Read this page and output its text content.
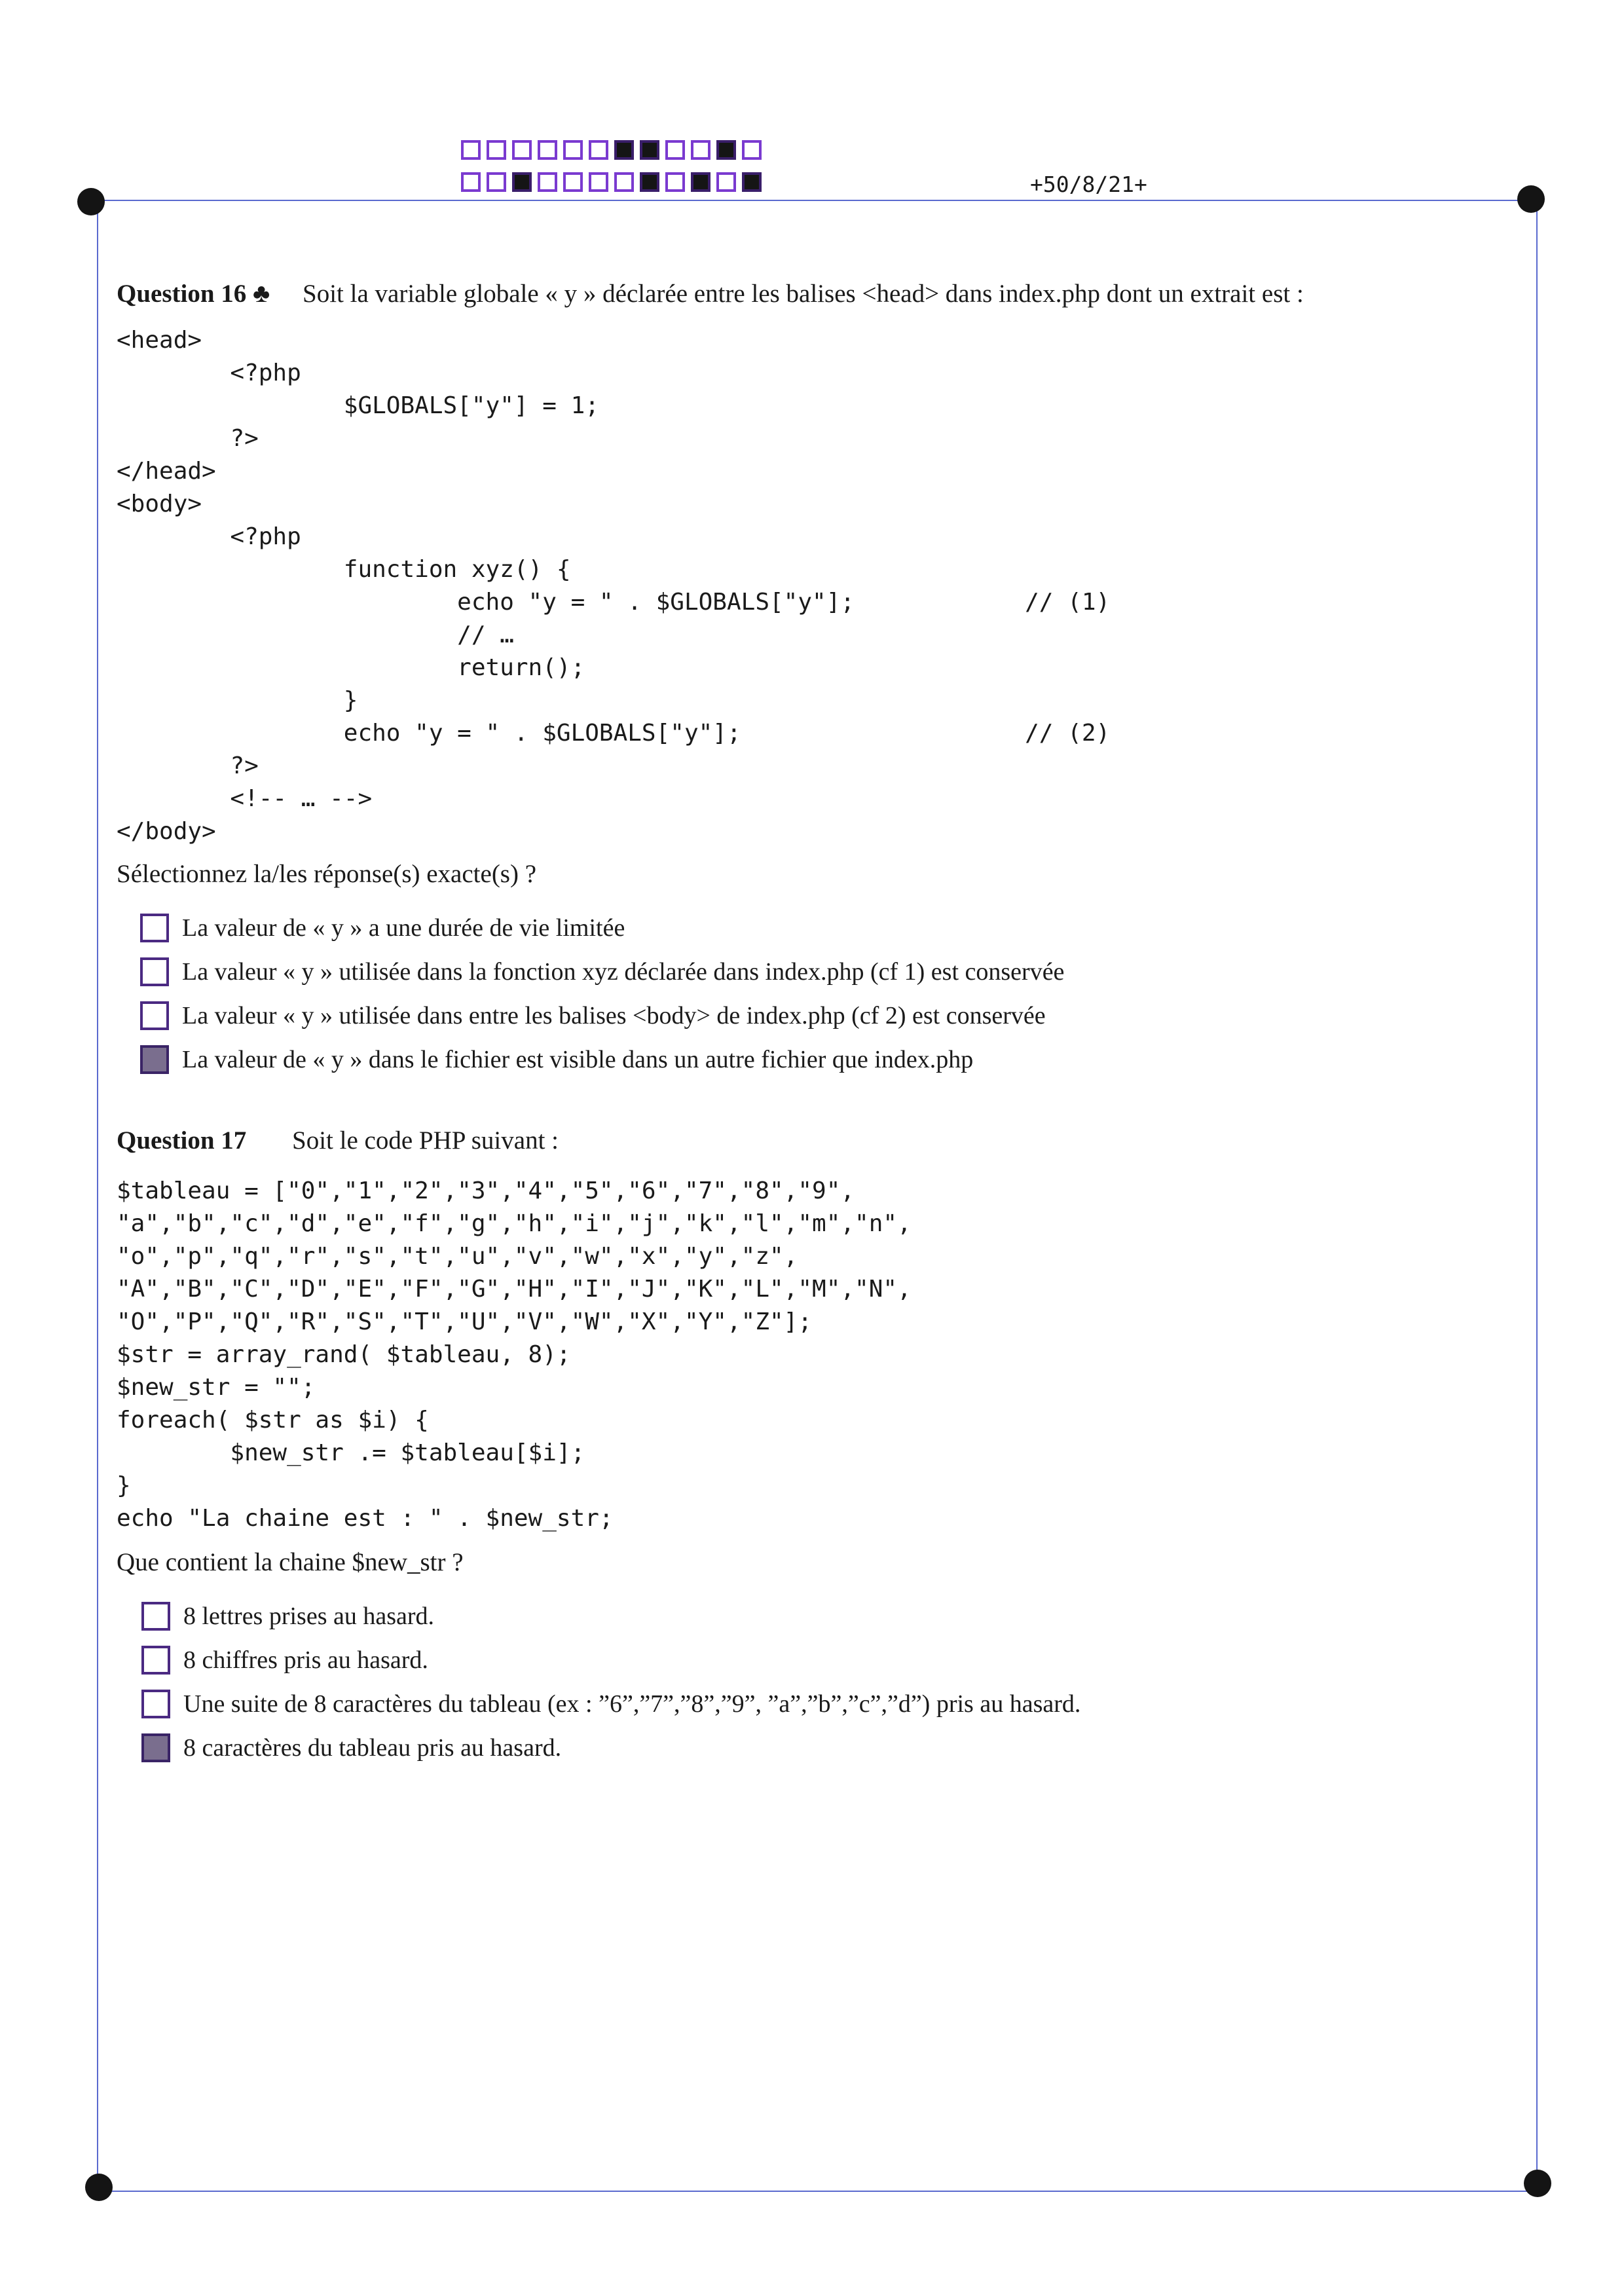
+50/8/21+
Question 16 ♣ Soit la variable globale « y » déclarée entre les balises <head> dans index.php dont un extrait est :
<head>
	<?php
		$GLOBALS["y"] = 1;
	?>
</head>
<body>
	<?php
		function xyz() {
			echo "y = " . $GLOBALS["y"];		// (1)
			// …
			return();
		}
		echo "y = " . $GLOBALS["y"];			// (2)
	?>
	<!-- … -->
</body>
Sélectionnez la/les réponse(s) exacte(s) ?
La valeur de « y » a une durée de vie limitée
La valeur « y » utilisée dans la fonction xyz déclarée dans index.php (cf 1) est conservée
La valeur « y » utilisée dans entre les balises <body> de index.php (cf 2) est conservée
La valeur de « y » dans le fichier est visible dans un autre fichier que index.php
Question 17 Soit le code PHP suivant :
$tableau = ["0","1","2","3","4","5","6","7","8","9",
"a","b","c","d","e","f","g","h","i","j","k","l","m","n",
"o","p","q","r","s","t","u","v","w","x","y","z",
"A","B","C","D","E","F","G","H","I","J","K","L","M","N",
"O","P","Q","R","S","T","U","V","W","X","Y","Z"];
$str = array_rand( $tableau, 8);
$new_str = "";
foreach( $str as $i) {
	$new_str .= $tableau[$i];
}
echo "La chaine est : " . $new_str;
Que contient la chaine $new_str ?
8 lettres prises au hasard.
8 chiffres pris au hasard.
Une suite de 8 caractères du tableau (ex : ”6”,”7”,”8”,”9”, ”a”,”b”,”c”,”d”) pris au hasard.
8 caractères du tableau pris au hasard.
